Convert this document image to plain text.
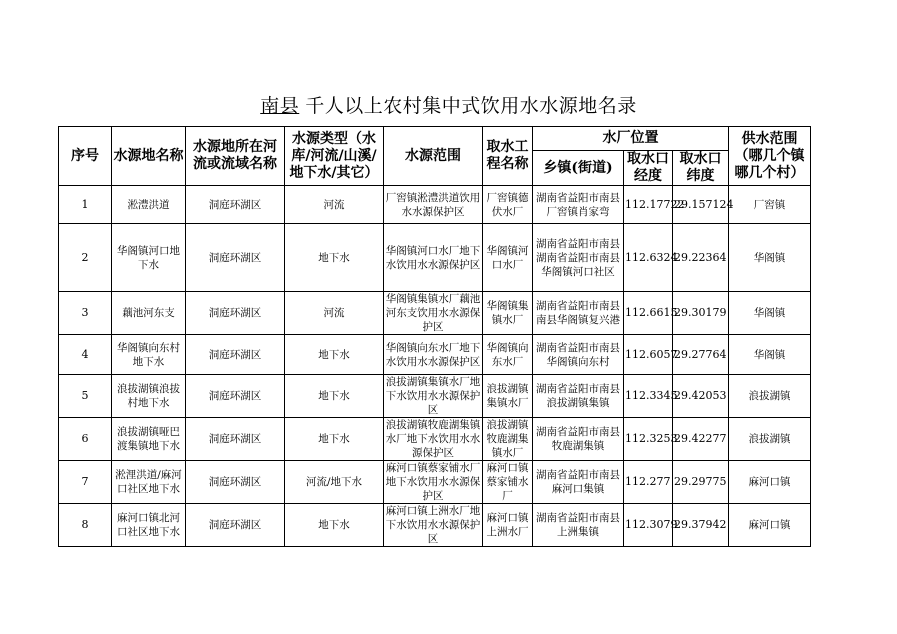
南县 千人以上农村集中式饮用水水源地名录
序号	水源地名称	水源地所在河流或流域名称	水源类型（水库/河流/山溪/地下水/其它）	水源范围	取水工程名称	水厂位置			供水范围（哪几个镇哪几个村）
						乡镇(街道)	取水口经度	取水口纬度	
1	淞澧洪道	洞庭环湖区	河流	厂窖镇淞澧洪道饮用水水源保护区	厂窖镇德伏水厂	湖南省益阳市南县厂窖镇肖家弯	112.17722	29.157124	厂窖镇
2	华阁镇河口地下水	洞庭环湖区	地下水	华阁镇河口水厂地下水饮用水水源保护区	华阁镇河口水厂	湖南省益阳市南县湖南省益阳市南县华阁镇河口社区	112.6324	29.22364	华阁镇
3	藕池河东支	洞庭环湖区	河流	华阁镇集镇水厂藕池河东支饮用水水源保护区	华阁镇集镇水厂	湖南省益阳市南县南县华阁镇复兴港	112.6615	29.30179	华阁镇
4	华阁镇向东村地下水	洞庭环湖区	地下水	华阁镇向东水厂地下水饮用水水源保护区	华阁镇向东水厂	湖南省益阳市南县华阁镇向东村	112.6057	29.27764	华阁镇
5	浪拔湖镇浪拔村地下水	洞庭环湖区	地下水	浪拔湖镇集镇水厂地下水饮用水水源保护区	浪拔湖镇集镇水厂	湖南省益阳市南县浪拔湖镇集镇	112.3345	29.42053	浪拔湖镇
6	浪拔湖镇哑巴渡集镇地下水	洞庭环湖区	地下水	浪拔湖镇牧鹿湖集镇水厂地下水饮用水水源保护区	浪拔湖镇牧鹿湖集镇水厂	湖南省益阳市南县牧鹿湖集镇	112.3253	29.42277	浪拔湖镇
7	淞浬洪道/麻河口社区地下水	洞庭环湖区	河流/地下水	麻河口镇蔡家铺水厂地下水饮用水水源保护区	麻河口镇蔡家铺水厂	湖南省益阳市南县麻河口集镇	112.277	29.29775	麻河口镇
8	麻河口镇北河口社区地下水	洞庭环湖区	地下水	麻河口镇上洲水厂地下水饮用水水源保护区	麻河口镇上洲水厂	湖南省益阳市南县上洲集镇	112.3079	29.37942	麻河口镇
